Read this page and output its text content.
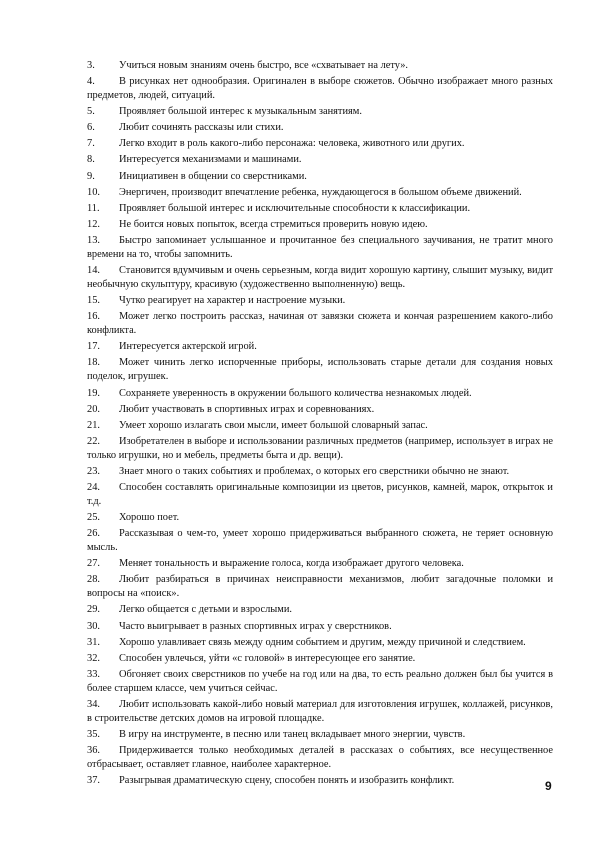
3. Учиться новым знаниям очень быстро, все «схватывает на лету».
4. В рисунках нет однообразия. Оригинален в выборе сюжетов. Обычно изображает много разных предметов, людей, ситуаций.
5. Проявляет большой интерес к музыкальным занятиям.
6. Любит сочинять рассказы или стихи.
7. Легко входит в роль какого-либо персонажа: человека, животного или других.
8. Интересуется механизмами и машинами.
9. Инициативен в общении со сверстниками.
10. Энергичен, производит впечатление ребенка, нуждающегося в большом объеме движений.
11. Проявляет большой интерес и исключительные способности к классификации.
12. Не боится новых попыток, всегда стремиться проверить новую идею.
13. Быстро запоминает услышанное и прочитанное без специального заучивания, не тратит много времени на то, чтобы запомнить.
14. Становится вдумчивым и очень серьезным, когда видит хорошую картину, слышит музыку, видит необычную скульптуру, красивую (художественно выполненную) вещь.
15. Чутко реагирует на характер и настроение музыки.
16. Может легко построить рассказ, начиная от завязки сюжета и кончая разрешением какого-либо конфликта.
17. Интересуется актерской игрой.
18. Может чинить легко испорченные приборы, использовать старые детали для создания новых поделок, игрушек.
19. Сохраняете уверенность в окружении большого количества незнакомых людей.
20. Любит участвовать в спортивных играх и соревнованиях.
21. Умеет хорошо излагать свои мысли, имеет большой словарный запас.
22. Изобретателен в выборе и использовании различных предметов (например, использует в играх не только игрушки, но и мебель, предметы быта и др. вещи).
23. Знает много о таких событиях и проблемах, о которых его сверстники обычно не знают.
24. Способен составлять оригинальные композиции из цветов, рисунков, камней, марок, открыток и т.д.
25. Хорошо поет.
26. Рассказывая о чем-то, умеет хорошо придерживаться выбранного сюжета, не теряет основную мысль.
27. Меняет тональность и выражение голоса, когда изображает другого человека.
28. Любит разбираться в причинах неисправности механизмов, любит загадочные поломки и вопросы на «поиск».
29. Легко общается с детьми и взрослыми.
30. Часто выигрывает в разных спортивных играх у сверстников.
31. Хорошо улавливает связь между одним событием и другим, между причиной и следствием.
32. Способен увлечься, уйти «с головой» в интересующее его занятие.
33. Обгоняет своих сверстников по учебе на год или на два, то есть реально должен был бы учится в более старшем классе, чем учиться сейчас.
34. Любит использовать какой-либо новый материал для изготовления игрушек, коллажей, рисунков, в строительстве детских домов на игровой площадке.
35. В игру на инструменте, в песню или танец вкладывает много энергии, чувств.
36. Придерживается только необходимых деталей в рассказах о событиях, все несущественное отбрасывает, оставляет главное, наиболее характерное.
37. Разыгрывая драматическую сцену, способен понять и изобразить конфликт.	9
